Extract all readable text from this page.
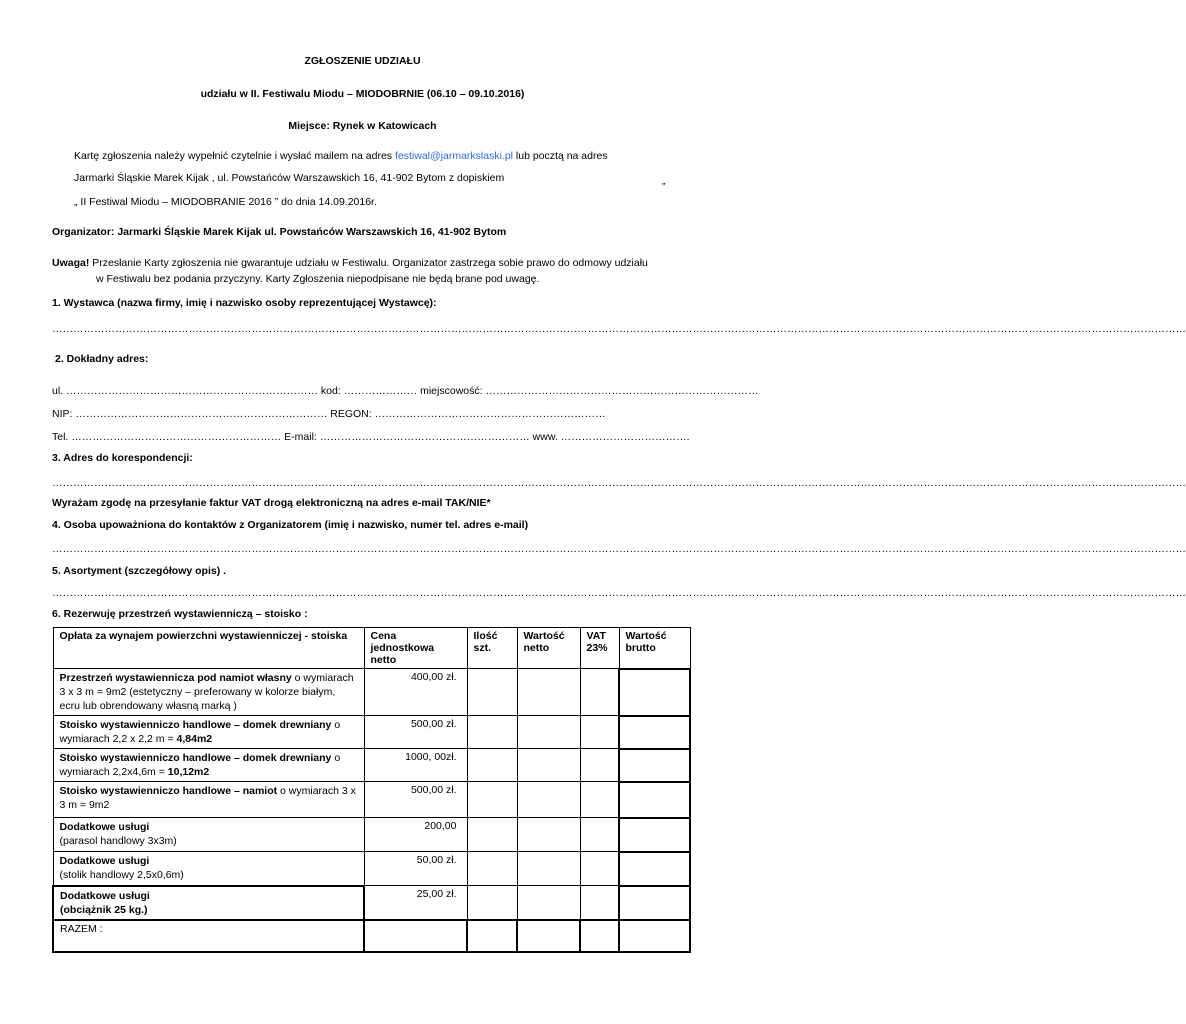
ZGŁOSZENIE UDZIAŁU
udziału w II. Festiwalu Miodu – MIODOBRNIE (06.10 – 09.10.2016)
Miejsce: Rynek w Katowicach
Kartę zgłoszenia należy wypełnić czytelnie i wysłać mailem na adres festiwal@jarmarkslaski.pl lub pocztą na adres
Jarmarki Śląskie Marek Kijak , ul. Powstańców Warszawskich 16, 41-902 Bytom z dopiskiem	„
„ II Festiwal Miodu – MIODOBRANIE 2016 ” do dnia 14.09.2016r.
Organizator: Jarmarki Śląskie Marek Kijak ul. Powstańców Warszawskich 16, 41-902 Bytom
Uwaga! Przesłanie Karty zgłoszenia nie gwarantuje udziału w Festiwalu. Organizator zastrzega sobie prawo do odmowy udziału
w Festiwalu bez podania przyczyny. Karty Zgłoszenia niepodpisane nie będą brane pod uwagę.
1. Wystawca (nazwa firmy, imię i nazwisko osoby reprezentującej Wystawcę):
………………………………………………………………………………………………………………………………………………………………………………………………………………………………………………………………………………………………
2. Dokładny adres:
ul. ……………………………………………………………… kod: ………………… miejscowość: ……………………………………………………………………
NIP: ……………………………………………………………… REGON: …………………………………………………………
Tel. …………………………………………………… E-mail: …………………………………………………… www. ……………………………….
3. Adres do korespondencji:
………………………………………………………………………………………………………………………………………………………………………………………………………………………………………………………………………………………………
Wyrażam zgodę na przesyłanie faktur VAT drogą elektroniczną na adres e-mail TAK/NIE*
4. Osoba upoważniona do kontaktów z Organizatorem (imię i nazwisko, numer tel. adres e-mail)
………………………………………………………………………………………………………………………………………………………………………………………………………………………………………………………………………………………………
5. Asortyment (szczegółowy opis) .
………………………………………………………………………………………………………………………………………………………………………………………………………………………………………………………………………………………………
6. Rezerwuję przestrzeń wystawienniczą – stoisko :
Opłata za wynajem powierzchni wystawienniczej - stoiska	Cena jednostkowa netto	Ilość szt.	Wartość netto	VAT 23%	Wartość brutto
Przestrzeń wystawiennicza pod namiot własny o wymiarach 3 x 3 m = 9m2 (estetyczny – preferowany w kolorze białym, ecru lub obrendowany własną marką )	400,00 zł.				
Stoisko wystawienniczo handlowe – domek drewniany o wymiarach 2,2 x 2,2 m = 4,84m2	500,00 zł.				
Stoisko wystawienniczo handlowe – domek drewniany o wymiarach 2,2x4,6m = 10,12m2	1000, 00zł.				
Stoisko wystawienniczo handlowe – namiot o wymiarach 3 x 3 m = 9m2	500,00 zł.				

Dodatkowe usługi
(parasol handlowy 3x3m)	200,00				

Dodatkowe usługi
(stolik handlowy 2,5x0,6m)	50,00 zł.				

Dodatkowe usługi
(obciążnik 25 kg.)	25,00 zł.				
RAZEM :					
